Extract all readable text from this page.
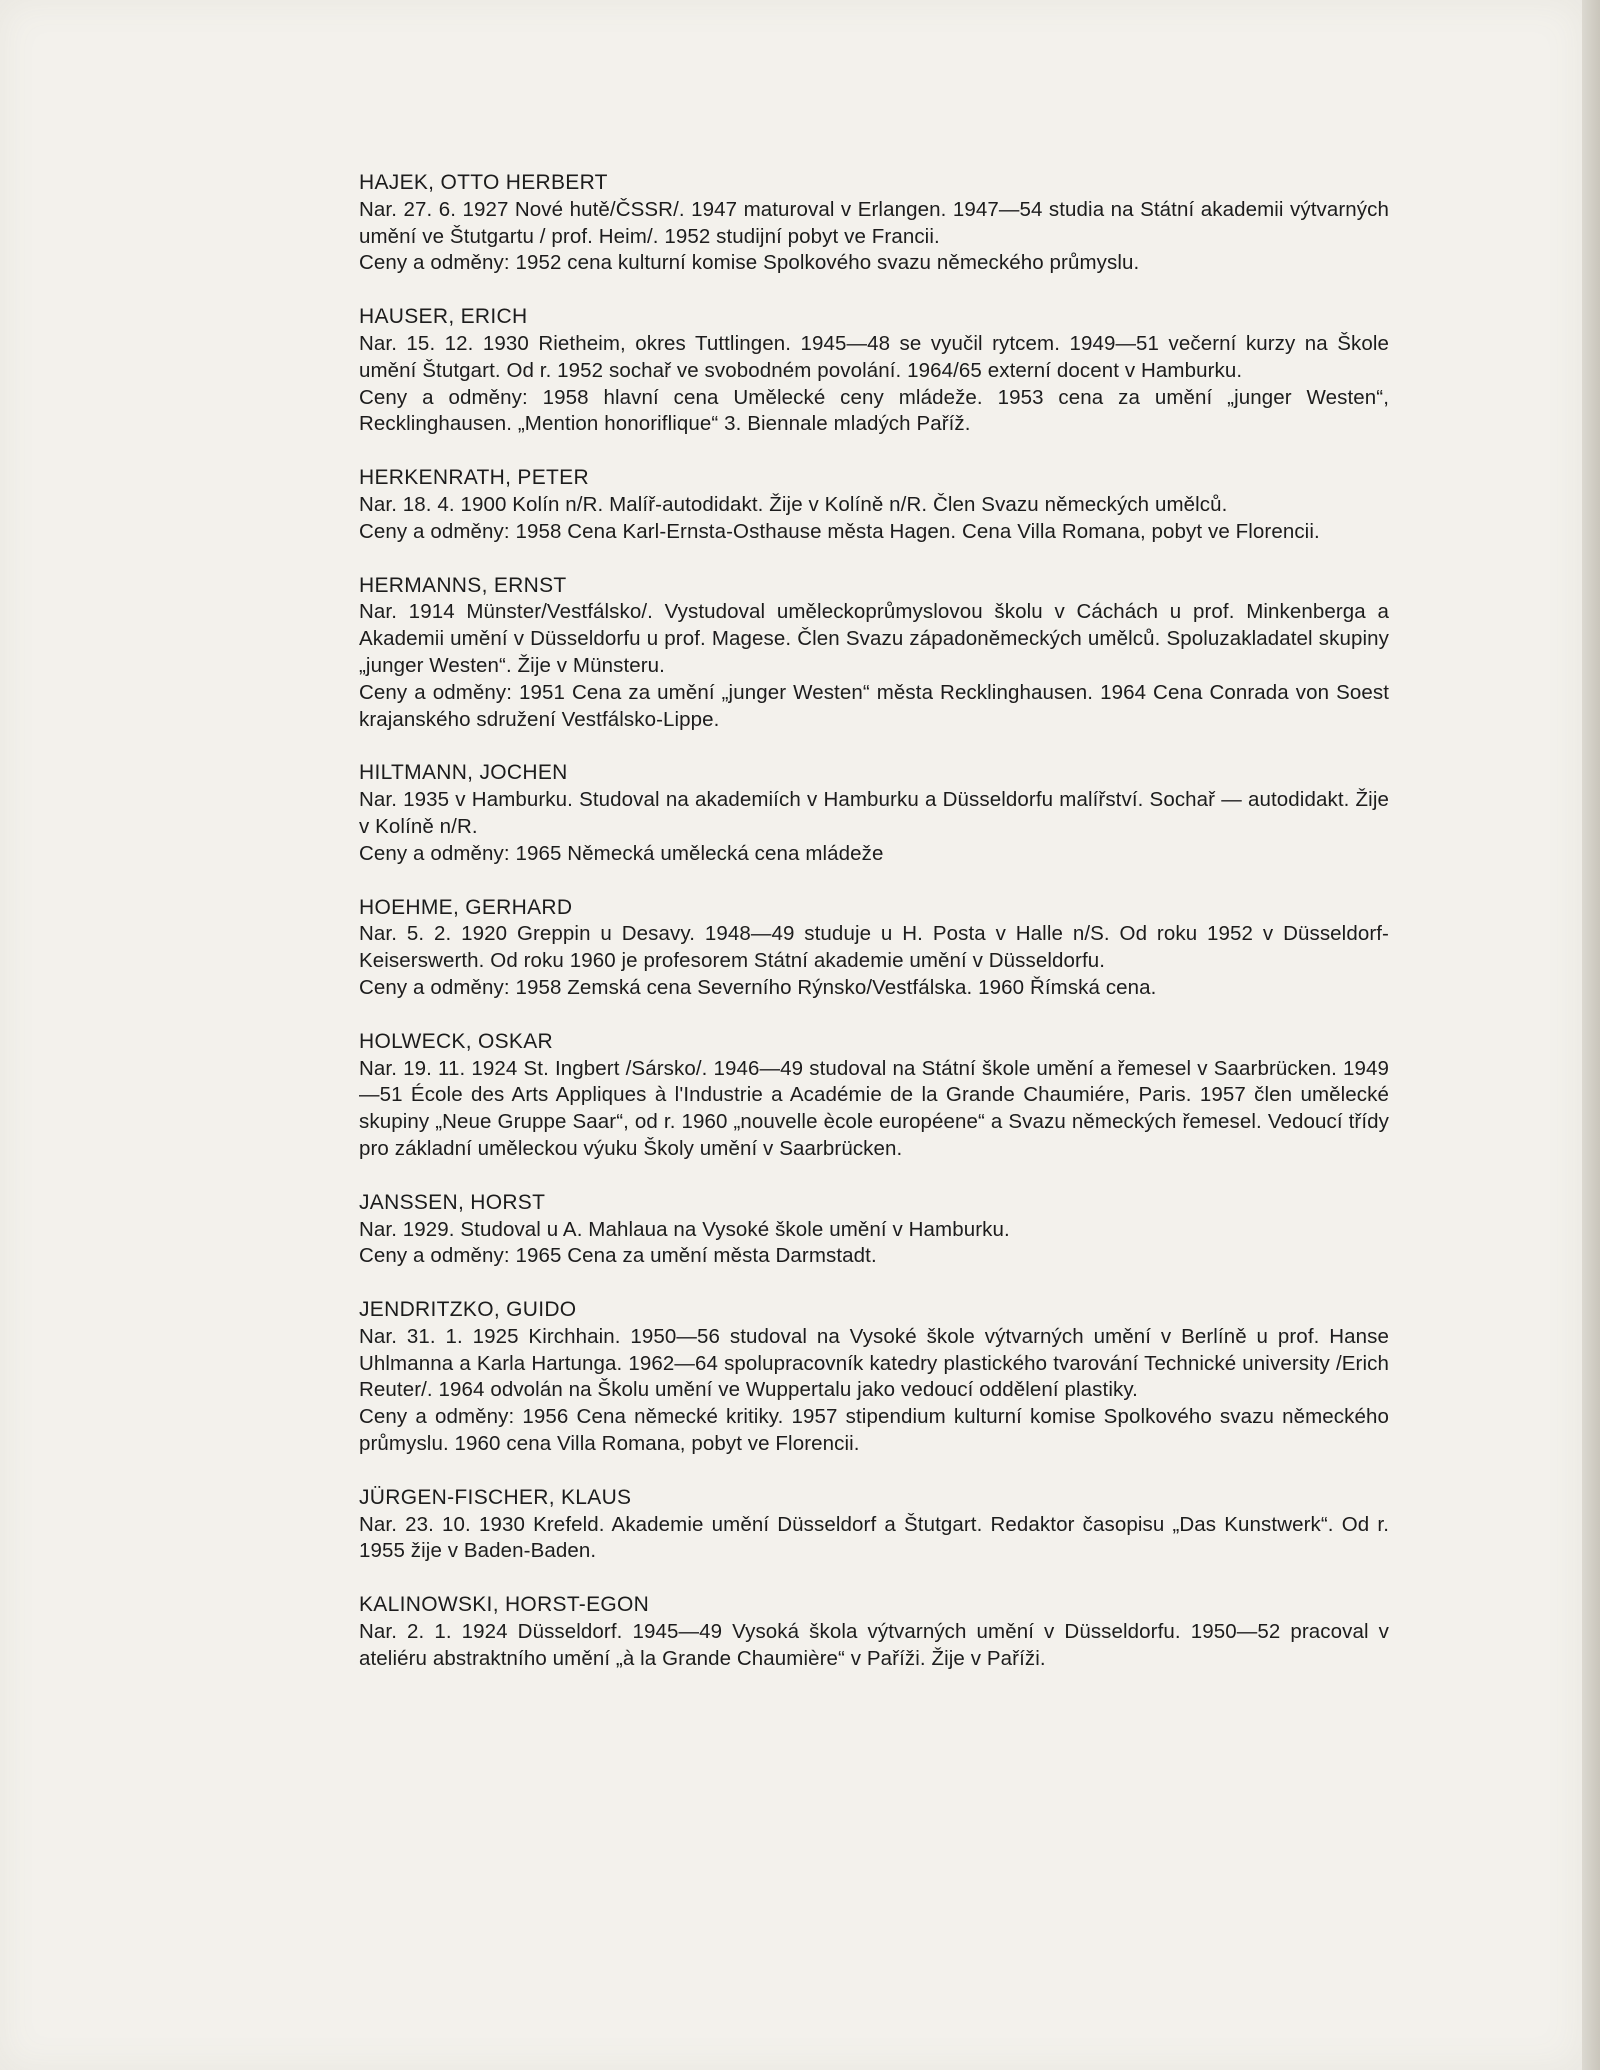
HAJEK, OTTO HERBERT
Nar. 27. 6. 1927 Nové hutě/ČSSR/. 1947 maturoval v Erlangen. 1947—54 studia na Státní akademii výtvarných umění ve Štutgartu / prof. Heim/. 1952 studijní pobyt ve Francii.
Ceny a odměny: 1952 cena kulturní komise Spolkového svazu německého průmyslu.
HAUSER, ERICH
Nar. 15. 12. 1930 Rietheim, okres Tuttlingen. 1945—48 se vyučil rytcem. 1949—51 večerní kurzy na Škole umění Štutgart. Od r. 1952 sochař ve svobodném povolání. 1964/65 externí docent v Hamburku.
Ceny a odměny: 1958 hlavní cena Umělecké ceny mládeže. 1953 cena za umění „junger Westen“, Recklinghausen. „Mention honoriflique“ 3. Biennale mladých Paříž.
HERKENRATH, PETER
Nar. 18. 4. 1900 Kolín n/R. Malíř-autodidakt. Žije v Kolíně n/R. Člen Svazu německých umělců.
Ceny a odměny: 1958 Cena Karl-Ernsta-Osthause města Hagen. Cena Villa Romana, pobyt ve Florencii.
HERMANNS, ERNST
Nar. 1914 Münster/Vestfálsko/. Vystudoval uměleckoprůmyslovou školu v Cáchách u prof. Minkenberga a Akademii umění v Düsseldorfu u prof. Magese. Člen Svazu západoněmeckých umělců. Spoluzakladatel skupiny „junger Westen“. Žije v Münsteru.
Ceny a odměny: 1951 Cena za umění „junger Westen“ města Recklinghausen. 1964 Cena Conrada von Soest krajanského sdružení Vestfálsko-Lippe.
HILTMANN, JOCHEN
Nar. 1935 v Hamburku. Studoval na akademiích v Hamburku a Düsseldorfu malířství. Sochař — autodidakt. Žije v Kolíně n/R.
Ceny a odměny: 1965 Německá umělecká cena mládeže
HOEHME, GERHARD
Nar. 5. 2. 1920 Greppin u Desavy. 1948—49 studuje u H. Posta v Halle n/S. Od roku 1952 v Düsseldorf-Keiserswerth. Od roku 1960 je profesorem Státní akademie umění v Düsseldorfu.
Ceny a odměny: 1958 Zemská cena Severního Rýnsko/Vestfálska. 1960 Římská cena.
HOLWECK, OSKAR
Nar. 19. 11. 1924 St. Ingbert /Sársko/. 1946—49 studoval na Státní škole umění a řemesel v Saarbrücken. 1949—51 École des Arts Appliques à l'Industrie a Académie de la Grande Chaumiére, Paris. 1957 člen umělecké skupiny „Neue Gruppe Saar“, od r. 1960 „nouvelle ècole européene“ a Svazu německých řemesel. Vedoucí třídy pro základní uměleckou výuku Školy umění v Saarbrücken.
JANSSEN, HORST
Nar. 1929. Studoval u A. Mahlaua na Vysoké škole umění v Hamburku.
Ceny a odměny: 1965 Cena za umění města Darmstadt.
JENDRITZKO, GUIDO
Nar. 31. 1. 1925 Kirchhain. 1950—56 studoval na Vysoké škole výtvarných umění v Berlíně u prof. Hanse Uhlmanna a Karla Hartunga. 1962—64 spolupracovník katedry plastického tvarování Technické university /Erich Reuter/. 1964 odvolán na Školu umění ve Wuppertalu jako vedoucí oddělení plastiky.
Ceny a odměny: 1956 Cena německé kritiky. 1957 stipendium kulturní komise Spolkového svazu německého průmyslu. 1960 cena Villa Romana, pobyt ve Florencii.
JÜRGEN-FISCHER, KLAUS
Nar. 23. 10. 1930 Krefeld. Akademie umění Düsseldorf a Štutgart. Redaktor časopisu „Das Kunstwerk“. Od r. 1955 žije v Baden-Baden.
KALINOWSKI, HORST-EGON
Nar. 2. 1. 1924 Düsseldorf. 1945—49 Vysoká škola výtvarných umění v Düsseldorfu. 1950—52 pracoval v ateliéru abstraktního umění „à la Grande Chaumière“ v Paříži. Žije v Paříži.
